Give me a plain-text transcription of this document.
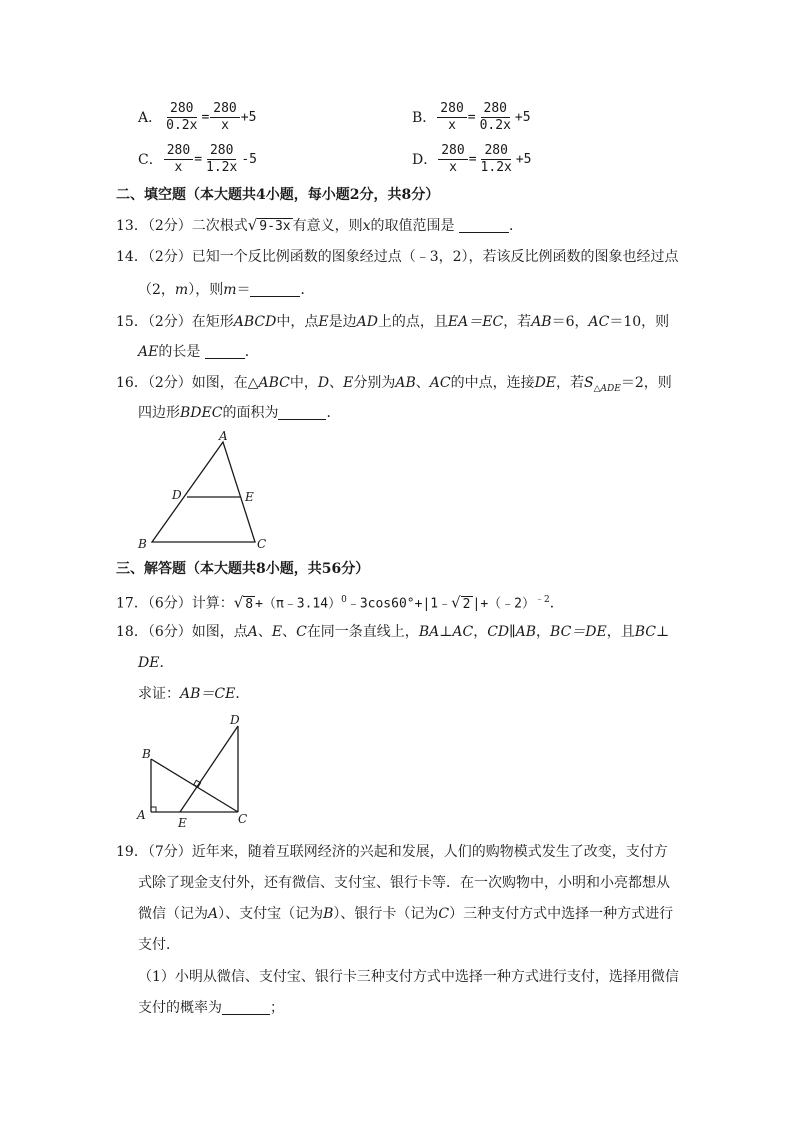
A． $\frac{280}{0.2x} = \frac{280}{x} +5$	B． $\frac{280}{x} = \frac{280}{0.2x} +5$
C． $\frac{280}{x} = \frac{280}{1.2x} -5$	D． $\frac{280}{x} = \frac{280}{1.2x} +5$
二、填空题（本大题共4小题，每小题2分，共8分）
13．（2分）二次根式√ 9-3x 有意义，则x的取值范围是	．
14．（2分）已知一个反比例函数的图象经过点（﹣3，2），若该反比例函数的图象也经过点
（2，m），则m＝	．
15．（2分）在矩形ABCD中，点E是边AD上的点，且EA＝EC，若AB＝6，AC＝10，则
AE的长是	．
16．（2分）如图，在△ABC中，D、E分别为AB、AC的中点，连接DE，若$S_{\triangle ADE}=2$，则
四边形BDEC的面积为	．
A
B	C
D	E
三、解答题（本大题共8小题，共56分）
17．（6分）计算：√ 8 +（π﹣3.14）$^0$﹣3cos60°+|1﹣√ 2 |+（﹣2）$^{﹣2}$．
18．（6分）如图，点A、E、C在同一条直线上，BA⊥AC，CD∥AB，BC＝DE，且BC⊥
DE．
求证：AB＝CE．
A
B
C
D
E
19．（7分）近年来，随着互联网经济的兴起和发展，人们的购物模式发生了改变，支付方
式除了现金支付外，还有微信、支付宝、银行卡等．在一次购物中，小明和小亮都想从
微信（记为A）、支付宝（记为B）、银行卡（记为C）三种支付方式中选择一种方式进行
支付．
（1）小明从微信、支付宝、银行卡三种支付方式中选择一种方式进行支付，选择用微信
支付的概率为	；
